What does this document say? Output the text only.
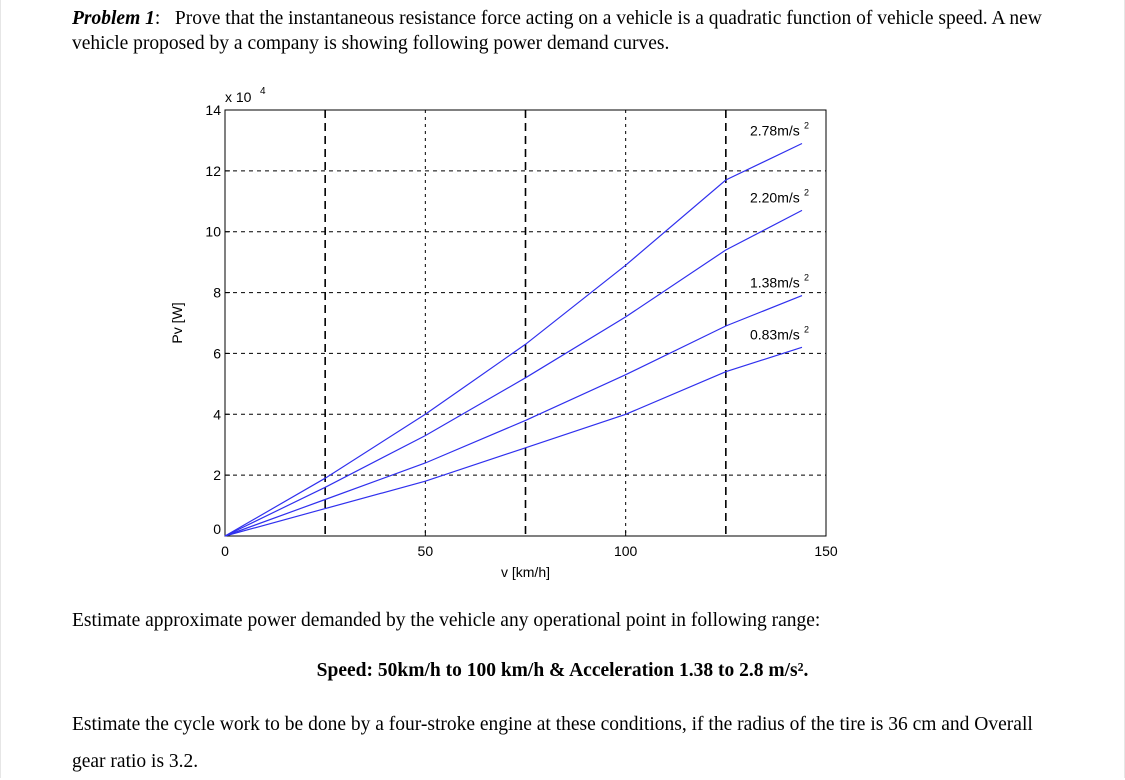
Problem 1:   Prove that the instantaneous resistance force acting on a vehicle is a quadratic function of vehicle speed. A new vehicle proposed by a company is showing following power demand curves.
0
2
4
6
8
10
12
14
0	50	100	150
x 10 4
v [km/h]
Pv [W]
2.78m/s 2
2.20m/s 2
1.38m/s 2
0.83m/s 2
Estimate approximate power demanded by the vehicle any operational point in following range:
Speed: 50km/h to 100 km/h & Acceleration 1.38 to 2.8 m/s².
Estimate the cycle work to be done by a four-stroke engine at these conditions, if the radius of the tire is 36 cm and Overall gear ratio is 3.2.
